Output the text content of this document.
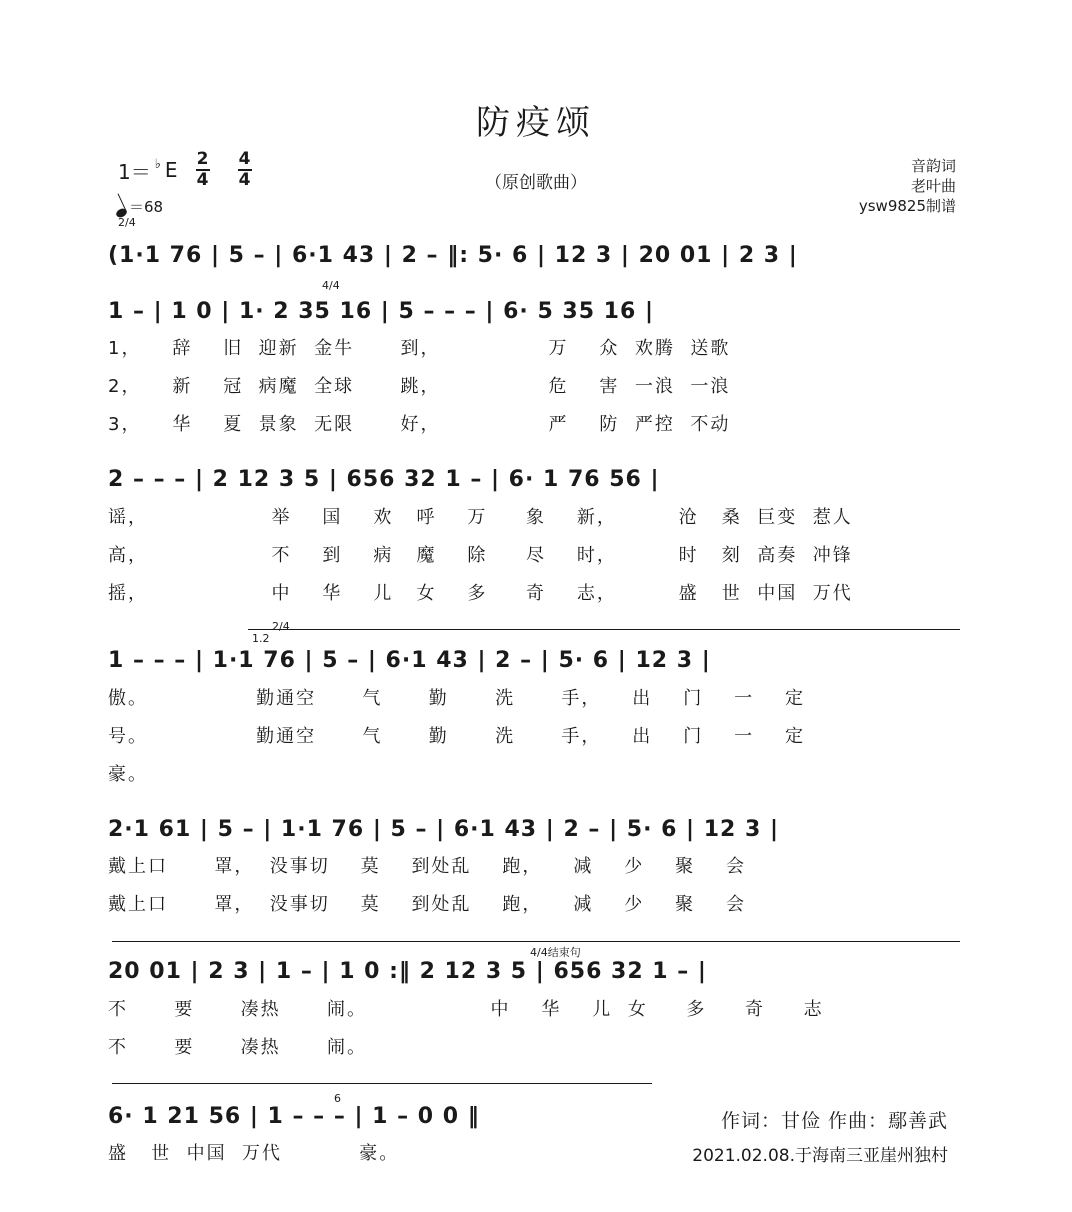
防疫颂
（原创歌曲）
1＝ ♭ E $\frac{2}{4} \frac{4}{4}$
＝68
2/4
音韵词
老叶曲
ysw9825制谱
(1·1 76 | 5 – | 6·1 43 | 2 – ‖: 5· 6 | 12 3 | 20 01 | 2 3 |
4/4
1 – | 1 0 | 1· 2 35 16 | 5 – – – | 6· 5 35 16 |
1，    辞    旧  迎新  金牛      到，              万    众  欢腾  送歌
2，    新    冠  病魔  全球      跳，              危    害  一浪  一浪
3，    华    夏  景象  无限      好，              严    防  严控  不动
2 – – – | 2 12 3 5 | 656 32 1 – | 6· 1 76 56 |
谣，                举    国    欢   呼    万     象    新，        沧   桑  巨变  惹人
高，                不    到    病   魔    除     尽    时，        时   刻  高奏  冲锋
摇，                中    华    儿   女    多     奇    志，        盛   世  中国  万代
1.2
2/4
1 – – – | 1·1 76 | 5 – | 6·1 43 | 2 – | 5· 6 | 12 3 |
傲。              勤通空      气      勤      洗      手，    出    门    一    定
号。              勤通空      气      勤      洗      手，    出    门    一    定
豪。
2·1 61 | 5 – | 1·1 76 | 5 – | 6·1 43 | 2 – | 5· 6 | 12 3 |
戴上口      罩，  没事切    莫    到处乱    跑，    减    少    聚    会
戴上口      罩，  没事切    莫    到处乱    跑，    减    少    聚    会
4/4结束句
20 01 | 2 3 | 1 – | 1 0 :‖ 2 12 3 5 | 656 32 1 – |
不      要      凑热      闹。                中    华    儿  女     多     奇     志
不      要      凑热      闹。
6
6· 1 21 56 | 1 – – – | 1 – 0 0 ‖
盛   世  中国  万代          豪。
作词：甘俭 作曲：鄢善武
2021.02.08.于海南三亚崖州独村
